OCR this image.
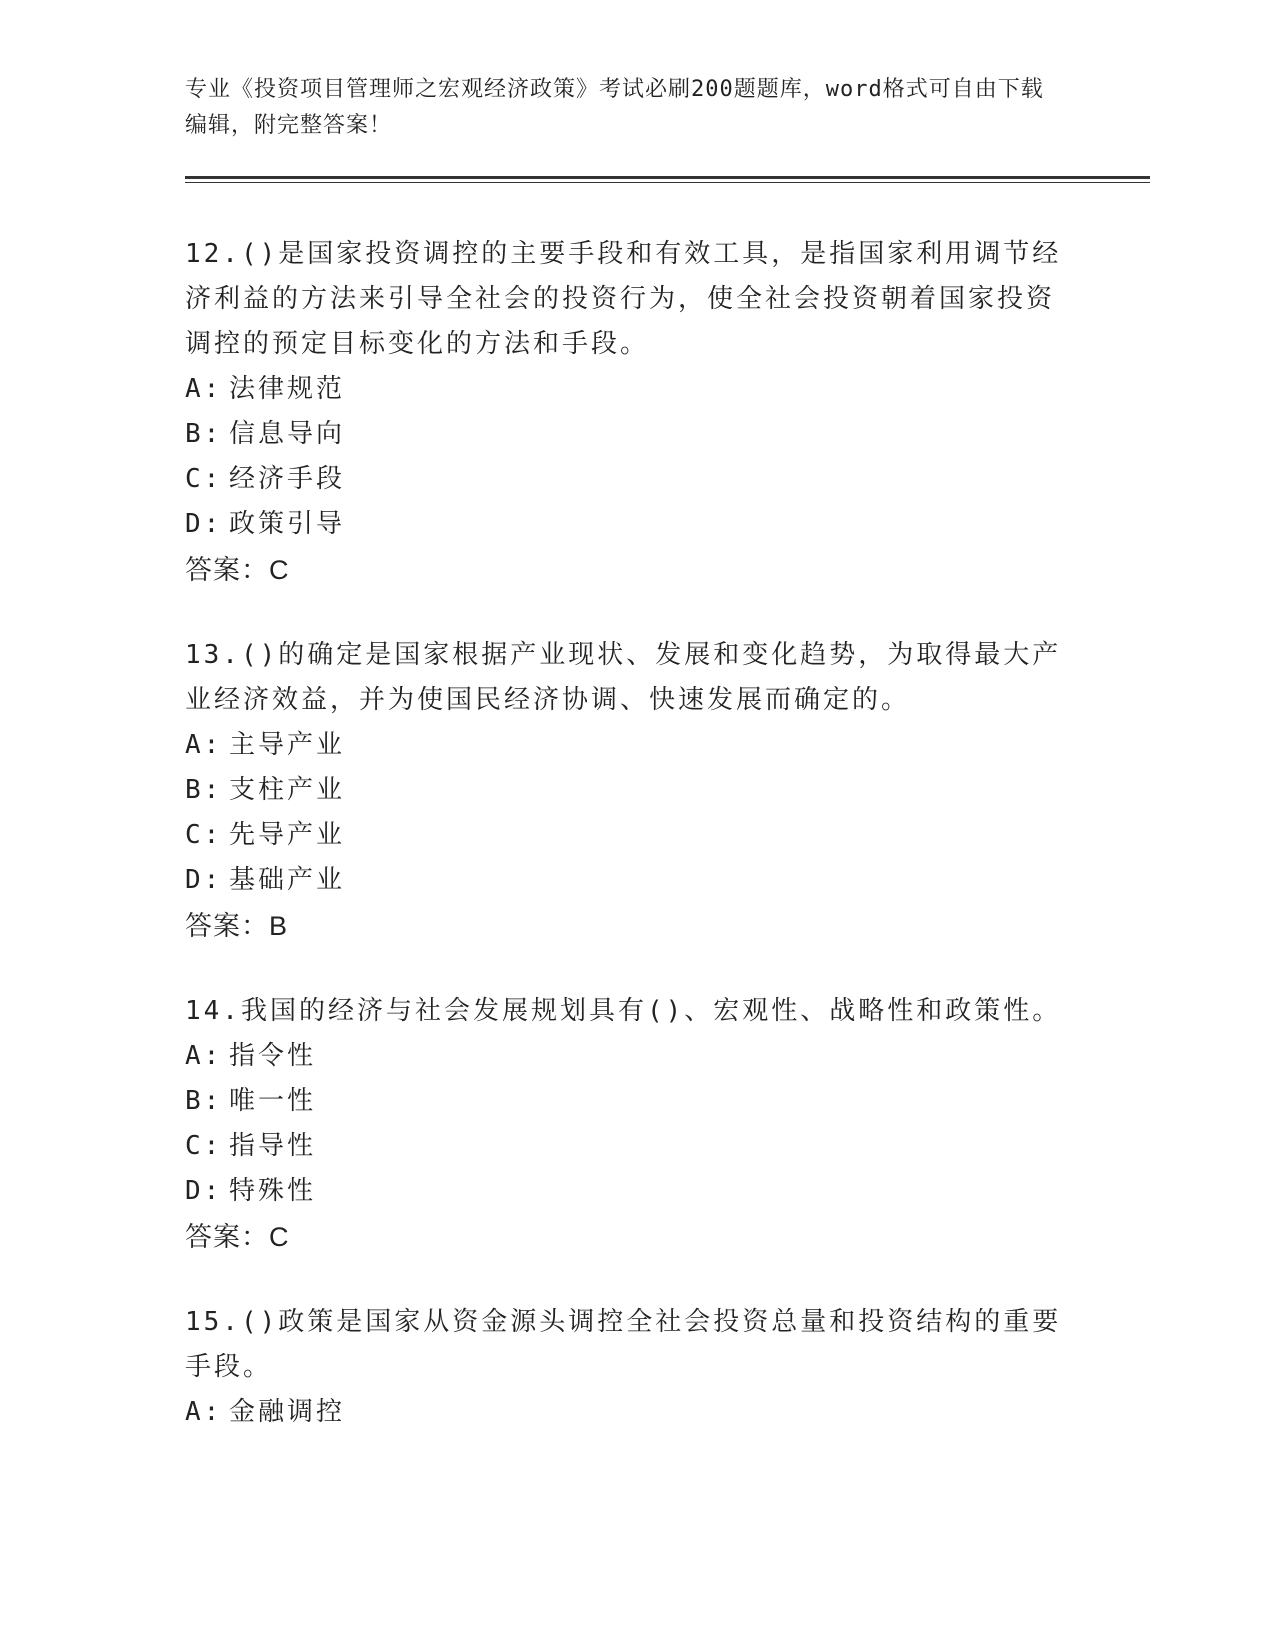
专业《投资项目管理师之宏观经济政策》考试必刷200题题库，word格式可自由下载编辑，附完整答案！

12.()是国家投资调控的主要手段和有效工具，是指国家利用调节经济利益的方法来引导全社会的投资行为，使全社会投资朝着国家投资调控的预定目标变化的方法和手段。

A: 法律规范

B: 信息导向

C: 经济手段

D: 政策引导

答案：C

13.()的确定是国家根据产业现状、发展和变化趋势，为取得最大产业经济效益，并为使国民经济协调、快速发展而确定的。

A: 主导产业

B: 支柱产业

C: 先导产业

D: 基础产业

答案：B

14.我国的经济与社会发展规划具有()、宏观性、战略性和政策性。

A: 指令性

B: 唯一性

C: 指导性

D: 特殊性

答案：C

15.()政策是国家从资金源头调控全社会投资总量和投资结构的重要手段。

A: 金融调控
